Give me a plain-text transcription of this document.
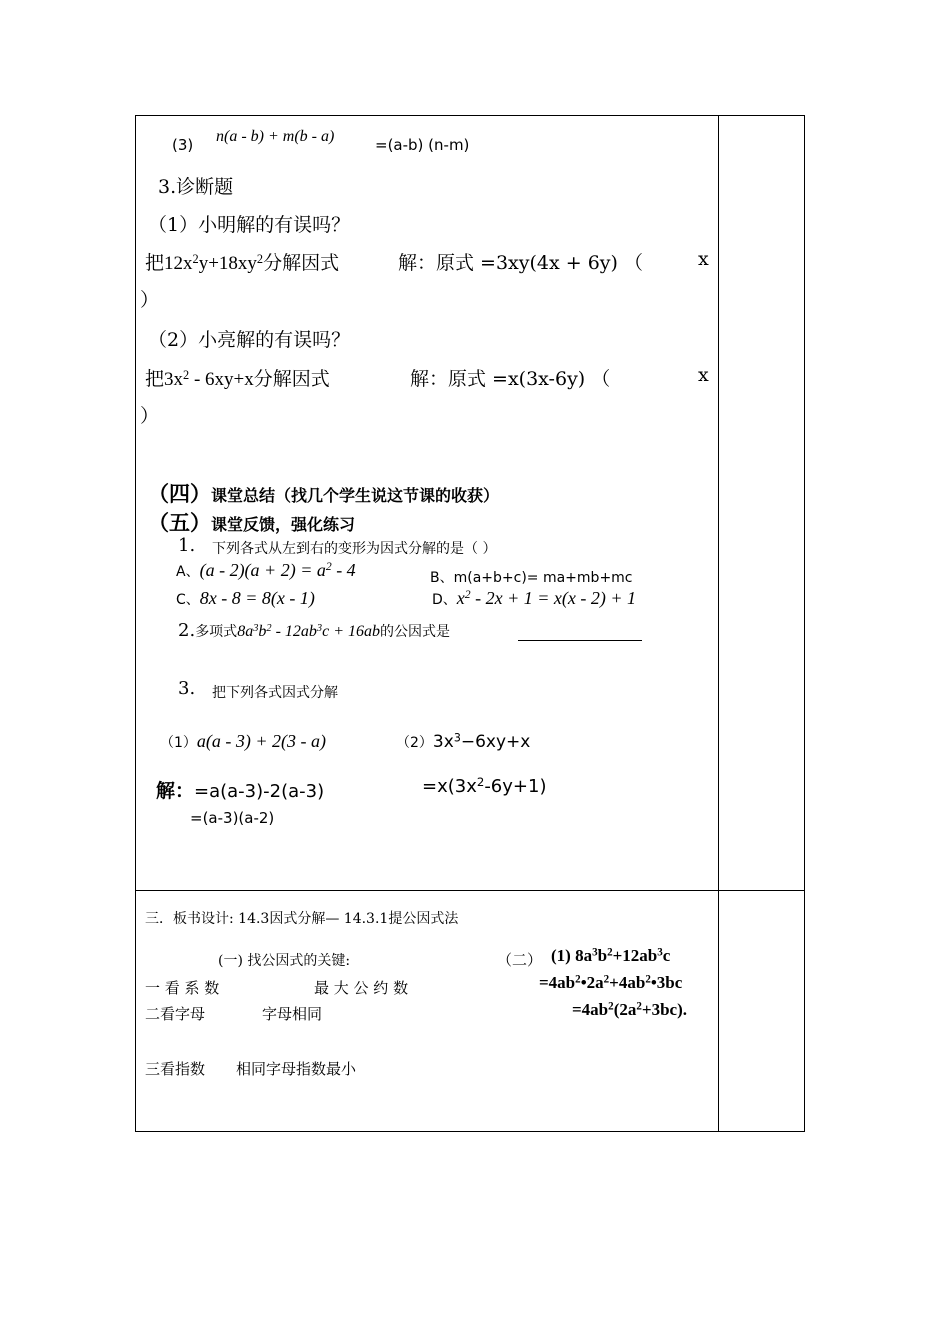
(3) n(a - b) + m(b - a)	=(a-b) (n-m)
3.诊断题
（1）小明解的有误吗？
把$12x^2y+18xy^2$分解因式	解：原式 =3xy(4x + 6y) （	x
）
（2）小亮解的有误吗？
把$3x^2 - 6xy+x$分解因式	解：原式 =x(3x-6y) （	x
）
（四）课堂总结（找几个学生说这节课的收获）
（五）课堂反馈，强化练习
1. 下列各式从左到右的变形为因式分解的是（ ）
A、$(a - 2)(a + 2) = a^2 - 4$	B、m(a+b+c)= ma+mb+mc
C、8x - 8 = 8(x - 1)	D、$x^2 - 2x + 1 = x(x - 2) + 1$
2.多项式$8a^3b^2 - 12ab^3c + 16ab$的公因式是
3. 把下列各式因式分解
（1）a(a - 3) + 2(3 - a)	$(2)3x^3-6xy+x$
解：=a(a-3)-2(a-3)	$=x(3x^2-6y+1)$
=(a-3)(a-2)
三．板书设计: 14.3因式分解— 14.3.1提公因式法
(一) 找公因式的关键:
一 看 系 数	最 大 公 约 数
二看字母	字母相同
三看指数 相同字母指数最小
（二） (1) $8a^3b^2+12ab^3c$
$=4ab^2•2a^2+4ab^2•3bc$
$=4ab^2(2a^2+3bc)$.
